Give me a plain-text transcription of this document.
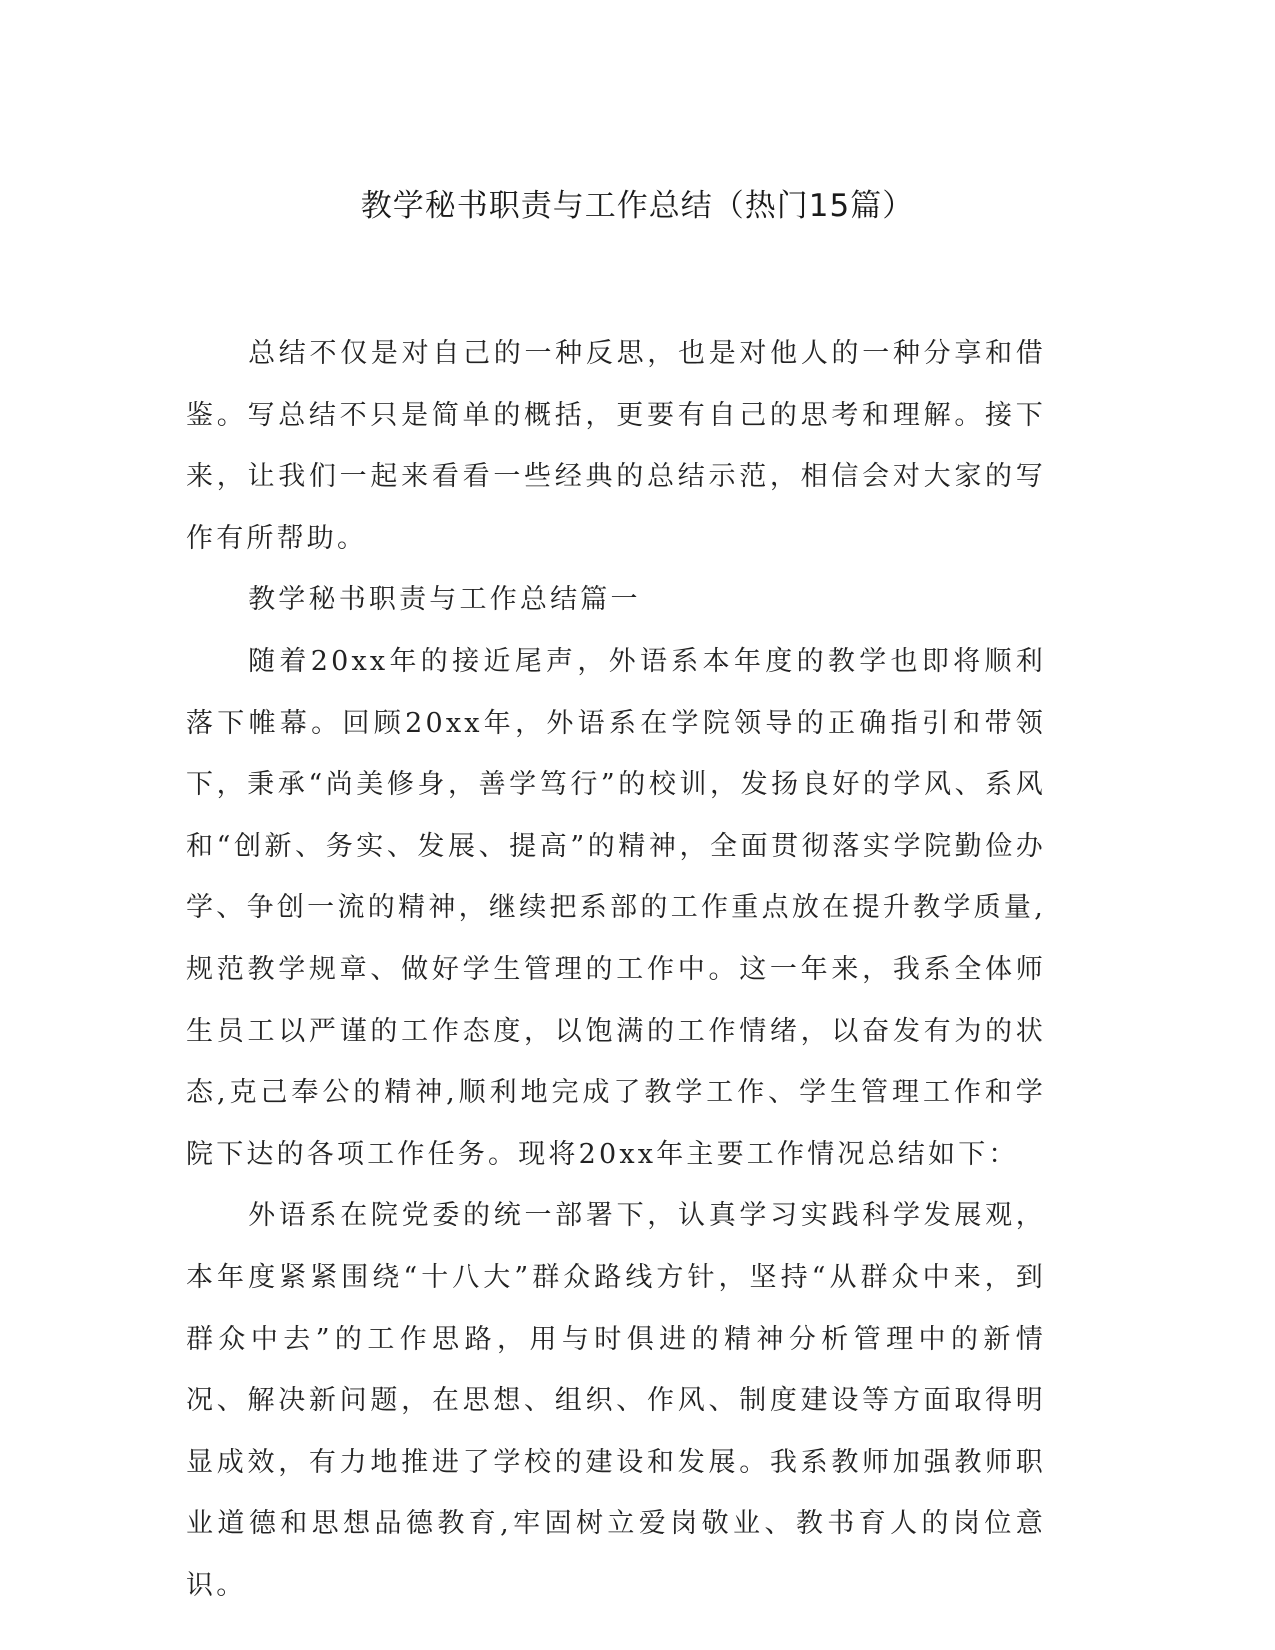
教学秘书职责与工作总结（热门15篇）

总结不仅是对自己的一种反思，也是对他人的一种分享和借鉴。写总结不只是简单的概括，更要有自己的思考和理解。接下来，让我们一起来看看一些经典的总结示范，相信会对大家的写作有所帮助。

教学秘书职责与工作总结篇一

随着20xx年的接近尾声，外语系本年度的教学也即将顺利落下帷幕。回顾20xx年，外语系在学院领导的正确指引和带领下，秉承“尚美修身，善学笃行”的校训，发扬良好的学风、系风和“创新、务实、发展、提高”的精神，全面贯彻落实学院勤俭办学、争创一流的精神，继续把系部的工作重点放在提升教学质量,规范教学规章、做好学生管理的工作中。这一年来，我系全体师生员工以严谨的工作态度，以饱满的工作情绪，以奋发有为的状态,克己奉公的精神,顺利地完成了教学工作、学生管理工作和学院下达的各项工作任务。现将20xx年主要工作情况总结如下：

外语系在院党委的统一部署下，认真学习实践科学发展观，本年度紧紧围绕“十八大”群众路线方针，坚持“从群众中来，到群众中去”的工作思路，用与时俱进的精神分析管理中的新情况、解决新问题，在思想、组织、作风、制度建设等方面取得明显成效，有力地推进了学校的建设和发展。我系教师加强教师职业道德和思想品德教育,牢固树立爱岗敬业、教书育人的岗位意识。
